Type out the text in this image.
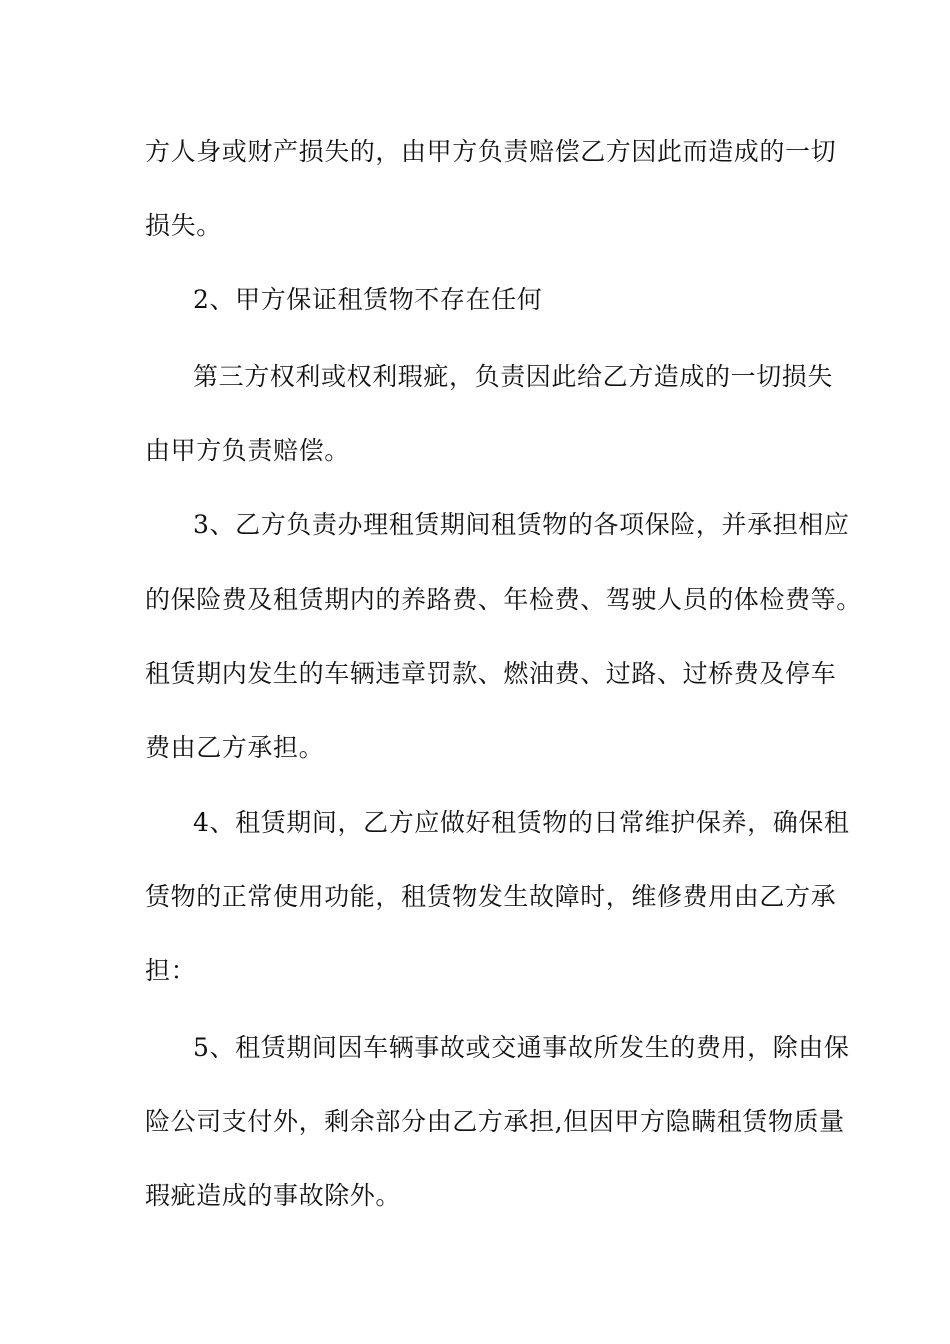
方人身或财产损失的，由甲方负责赔偿乙方因此而造成的一切
损失。
2、甲方保证租赁物不存在任何
第三方权利或权利瑕疵，负责因此给乙方造成的一切损失
由甲方负责赔偿。
3、乙方负责办理租赁期间租赁物的各项保险，并承担相应
的保险费及租赁期内的养路费、年检费、驾驶人员的体检费等。
租赁期内发生的车辆违章罚款、燃油费、过路、过桥费及停车
费由乙方承担。
4、租赁期间，乙方应做好租赁物的日常维护保养，确保租
赁物的正常使用功能，租赁物发生故障时，维修费用由乙方承
担：
5、租赁期间因车辆事故或交通事故所发生的费用，除由保
险公司支付外，剩余部分由乙方承担,但因甲方隐瞒租赁物质量
瑕疵造成的事故除外。
